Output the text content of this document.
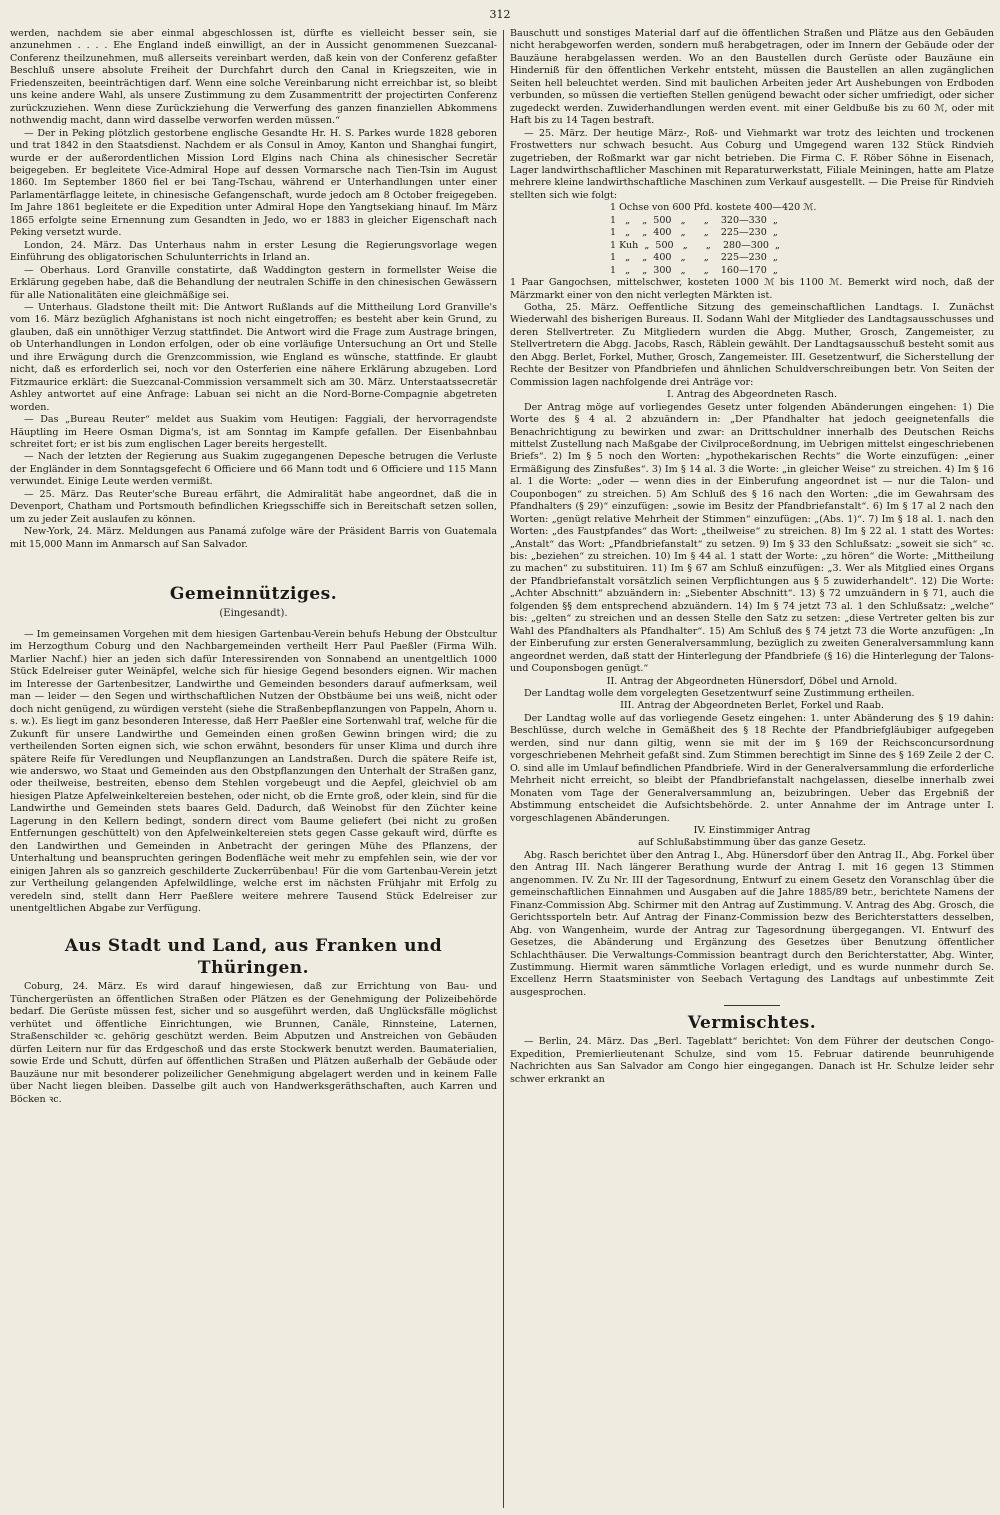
312

werden, nachdem sie aber einmal abgeschlossen ist, dürfte es vielleicht besser sein, sie anzunehmen . . . . Ehe England indeß einwilligt, an der in Aussicht genommenen Suezcanal-Conferenz theilzunehmen, muß allerseits vereinbart werden, daß kein von der Conferenz gefaßter Beschluß unsere absolute Freiheit der Durchfahrt durch den Canal in Kriegszeiten, wie in Friedenszeiten, beeinträchtigen darf. Wenn eine solche Vereinbarung nicht erreichbar ist, so bleibt uns keine andere Wahl, als unsere Zustimmung zu dem Zusammentritt der projectirten Conferenz zurückzuziehen. Wenn diese Zurückziehung die Verwerfung des ganzen finanziellen Abkommens nothwendig macht, dann wird dasselbe verworfen werden müssen.“

— Der in Peking plötzlich gestorbene englische Gesandte Hr. H. S. Parkes wurde 1828 geboren und trat 1842 in den Staatsdienst. Nachdem er als Consul in Amoy, Kanton und Shanghai fungirt, wurde er der außerordentlichen Mission Lord Elgins nach China als chinesischer Secretär beigegeben. Er begleitete Vice-Admiral Hope auf dessen Vormarsche nach Tien-Tsin im August 1860. Im September 1860 fiel er bei Tang-Tschau, während er Unterhandlungen unter einer Parlamentärflagge leitete, in chinesische Gefangenschaft, wurde jedoch am 8 October freigegeben. Im Jahre 1861 begleitete er die Expedition unter Admiral Hope den Yangtsekiang hinauf. Im März 1865 erfolgte seine Ernennung zum Gesandten in Jedo, wo er 1883 in gleicher Eigenschaft nach Peking versetzt wurde.

London, 24. März. Das Unterhaus nahm in erster Lesung die Regierungsvorlage wegen Einführung des obligatorischen Schulunterrichts in Irland an.

— Oberhaus. Lord Granville constatirte, daß Waddington gestern in formellster Weise die Erklärung gegeben habe, daß die Behandlung der neutralen Schiffe in den chinesischen Gewässern für alle Nationalitäten eine gleichmäßige sei.

— Unterhaus. Gladstone theilt mit: Die Antwort Rußlands auf die Mittheilung Lord Granville's vom 16. März bezüglich Afghanistans ist noch nicht eingetroffen; es besteht aber kein Grund, zu glauben, daß ein unnöthiger Verzug stattfindet. Die Antwort wird die Frage zum Austrage bringen, ob Unterhandlungen in London erfolgen, oder ob eine vorläufige Untersuchung an Ort und Stelle und ihre Erwägung durch die Grenzcommission, wie England es wünsche, stattfinde. Er glaubt nicht, daß es erforderlich sei, noch vor den Osterferien eine nähere Erklärung abzugeben. Lord Fitzmaurice erklärt: die Suezcanal-Commission versammelt sich am 30. März. Unterstaatssecretär Ashley antwortet auf eine Anfrage: Labuan sei nicht an die Nord-Borne-Compagnie abgetreten worden.

— Das „Bureau Reuter“ meldet aus Suakim vom Heutigen: Faggiali, der hervorragendste Häuptling im Heere Osman Digma's, ist am Sonntag im Kampfe gefallen. Der Eisenbahnbau schreitet fort; er ist bis zum englischen Lager bereits hergestellt.

— Nach der letzten der Regierung aus Suakim zugegangenen Depesche betrugen die Verluste der Engländer in dem Sonntagsgefecht 6 Officiere und 66 Mann todt und 6 Officiere und 115 Mann verwundet. Einige Leute werden vermißt.

— 25. März. Das Reuter'sche Bureau erfährt, die Admiralität habe angeordnet, daß die in Devenport, Chatham und Portsmouth befindlichen Kriegsschiffe sich in Bereitschaft setzen sollen, um zu jeder Zeit auslaufen zu können.

New-York, 24. März. Meldungen aus Panamá zufolge wäre der Präsident Barris von Guatemala mit 15,000 Mann im Anmarsch auf San Salvador.

Gemeinnütziges.
(Eingesandt).

— Im gemeinsamen Vorgehen mit dem hiesigen Gartenbau-Verein behufs Hebung der Obstcultur im Herzogthum Coburg und den Nachbargemeinden vertheilt Herr Paul Paeßler (Firma Wilh. Marlier Nachf.) hier an jeden sich dafür Interessirenden von Sonnabend an unentgeltlich 1000 Stück Edelreiser guter Weinäpfel, welche sich für hiesige Gegend besonders eignen. Wir machen im Interesse der Gartenbesitzer, Landwirthe und Gemeinden besonders darauf aufmerksam, weil man — leider — den Segen und wirthschaftlichen Nutzen der Obstbäume bei uns weiß, nicht oder doch nicht genügend, zu würdigen versteht (siehe die Straßenbepflanzungen von Pappeln, Ahorn u. s. w.). Es liegt im ganz besonderen Interesse, daß Herr Paeßler eine Sortenwahl traf, welche für die Zukunft für unsere Landwirthe und Gemeinden einen großen Gewinn bringen wird; die zu vertheilenden Sorten eignen sich, wie schon erwähnt, besonders für unser Klima und durch ihre spätere Reife für Veredlungen und Neupflanzungen an Landstraßen. Durch die spätere Reife ist, wie anderswo, wo Staat und Gemeinden aus den Obstpflanzungen den Unterhalt der Straßen ganz, oder theilweise, bestreiten, ebenso dem Stehlen vorgebeugt und die Aepfel, gleichviel ob am hiesigen Platze Apfelweinkeltereien bestehen, oder nicht, ob die Ernte groß, oder klein, sind für die Landwirthe und Gemeinden stets baares Geld. Dadurch, daß Weinobst für den Züchter keine Lagerung in den Kellern bedingt, sondern direct vom Baume geliefert (bei nicht zu großen Entfernungen geschüttelt) von den Apfelweinkeltereien stets gegen Casse gekauft wird, dürfte es den Landwirthen und Gemeinden in Anbetracht der geringen Mühe des Pflanzens, der Unterhaltung und beanspruchten geringen Bodenfläche weit mehr zu empfehlen sein, wie der vor einigen Jahren als so ganzreich geschilderte Zuckerrübenbau! Für die vom Gartenbau-Verein jetzt zur Vertheilung gelangenden Apfelwildlinge, welche erst im nächsten Frühjahr mit Erfolg zu veredeln sind, stellt dann Herr Paeßlere weitere mehrere Tausend Stück Edelreiser zur unentgeltlichen Abgabe zur Verfügung.

Aus Stadt und Land, aus Franken und Thüringen.

Coburg, 24. März. Es wird darauf hingewiesen, daß zur Errichtung von Bau- und Tünchergerüsten an öffentlichen Straßen oder Plätzen es der Genehmigung der Polizeibehörde bedarf. Die Gerüste müssen fest, sicher und so ausgeführt werden, daß Unglücksfälle möglichst verhütet und öffentliche Einrichtungen, wie Brunnen, Canäle, Rinnsteine, Laternen, Straßenschilder ꝛc. gehörig geschützt werden. Beim Abputzen und Anstreichen von Gebäuden dürfen Leitern nur für das Erdgeschoß und das erste Stockwerk benutzt werden. Baumaterialien, sowie Erde und Schutt, dürfen auf öffentlichen Straßen und Plätzen außerhalb der Gebäude oder Bauzäune nur mit besonderer polizeilicher Genehmigung abgelagert werden und in keinem Falle über Nacht liegen bleiben. Dasselbe gilt auch von Handwerksgeräthschaften, auch Karren und Böcken ꝛc.

Bauschutt und sonstiges Material darf auf die öffentlichen Straßen und Plätze aus den Gebäuden nicht herabgeworfen werden, sondern muß herabgetragen, oder im Innern der Gebäude oder der Bauzäune herabgelassen werden. Wo an den Baustellen durch Gerüste oder Bauzäune ein Hinderniß für den öffentlichen Verkehr entsteht, müssen die Baustellen an allen zugänglichen Seiten hell beleuchtet werden. Sind mit baulichen Arbeiten jeder Art Aushebungen von Erdboden verbunden, so müssen die vertieften Stellen genügend bewacht oder sicher umfriedigt, oder sicher zugedeckt werden. Zuwiderhandlungen werden event. mit einer Geldbuße bis zu 60 ℳ, oder mit Haft bis zu 14 Tagen bestraft.

— 25. März. Der heutige März-, Roß- und Viehmarkt war trotz des leichten und trockenen Frostwetters nur schwach besucht. Aus Coburg und Umgegend waren 132 Stück Rindvieh zugetrieben, der Roßmarkt war gar nicht betrieben. Die Firma C. F. Röber Söhne in Eisenach, Lager landwirthschaftlicher Maschinen mit Reparaturwerkstatt, Filiale Meiningen, hatte am Platze mehrere kleine landwirthschaftliche Maschinen zum Verkauf ausgestellt. — Die Preise für Rindvieh stellten sich wie folgt:

1 Ochse von 600 Pfd. kostete 400—420 ℳ.
1   „    „  500   „      „    320—330  „
1   „    „  400   „      „    225—230  „
1 Kuh  „  500   „      „    280—300  „
1   „    „  400   „      „    225—230  „
1   „    „  300   „      „    160—170  „

1 Paar Gangochsen, mittelschwer, kosteten 1000 ℳ bis 1100 ℳ. Bemerkt wird noch, daß der Märzmarkt einer von den nicht verlegten Märkten ist.

Gotha, 25. März. Oeffentliche Sitzung des gemeinschaftlichen Landtags. I. Zunächst Wiederwahl des bisherigen Bureaus. II. Sodann Wahl der Mitglieder des Landtagsausschusses und deren Stellvertreter. Zu Mitgliedern wurden die Abgg. Muther, Grosch, Zangemeister, zu Stellvertretern die Abgg. Jacobs, Rasch, Räblein gewählt. Der Landtagsausschuß besteht somit aus den Abgg. Berlet, Forkel, Muther, Grosch, Zangemeister. III. Gesetzentwurf, die Sicherstellung der Rechte der Besitzer von Pfandbriefen und ähnlichen Schuldverschreibungen betr. Von Seiten der Commission lagen nachfolgende drei Anträge vor:

I. Antrag des Abgeordneten Rasch.

Der Antrag möge auf vorliegendes Gesetz unter folgenden Abänderungen eingehen: 1) Die Worte des § 4 al. 2 abzuändern in: „Der Pfandhalter hat jedoch geeignetenfalls die Benachrichtigung zu bewirken und zwar: an Drittschuldner innerhalb des Deutschen Reichs mittelst Zustellung nach Maßgabe der Civilproceßordnung, im Uebrigen mittelst eingeschriebenen Briefs“. 2) Im § 5 noch den Worten: „hypothekarischen Rechts“ die Worte einzufügen: „einer Ermäßigung des Zinsfußes“. 3) Im § 14 al. 3 die Worte: „in gleicher Weise“ zu streichen. 4) Im § 16 al. 1 die Worte: „oder — wenn dies in der Einberufung angeordnet ist — nur die Talon- und Couponbogen“ zu streichen. 5) Am Schluß des § 16 nach den Worten: „die im Gewahrsam des Pfandhalters (§ 29)“ einzufügen: „sowie im Besitz der Pfandbriefanstalt“. 6) Im § 17 al 2 nach den Worten: „genügt relative Mehrheit der Stimmen“ einzufügen: „(Abs. 1)“. 7) Im § 18 al. 1. nach den Worten: „des Faustpfandes“ das Wort: „theilweise“ zu streichen. 8) Im § 22 al. 1 statt des Wortes: „Anstalt“ das Wort: „Pfandbriefanstalt“ zu setzen. 9) Im § 33 den Schlußsatz: „soweit sie sich“ ꝛc. bis: „beziehen“ zu streichen. 10) Im § 44 al. 1 statt der Worte: „zu hören“ die Worte: „Mittheilung zu machen“ zu substituiren. 11) Im § 67 am Schluß einzufügen: „3. Wer als Mitglied eines Organs der Pfandbriefanstalt vorsätzlich seinen Verpflichtungen aus § 5 zuwiderhandelt“. 12) Die Worte: „Achter Abschnitt“ abzuändern in: „Siebenter Abschnitt“. 13) § 72 umzuändern in § 71, auch die folgenden §§ dem entsprechend abzuändern. 14) Im § 74 jetzt 73 al. 1 den Schlußsatz: „welche“ bis: „gelten“ zu streichen und an dessen Stelle den Satz zu setzen: „diese Vertreter gelten bis zur Wahl des Pfandhalters als Pfandhalter“. 15) Am Schluß des § 74 jetzt 73 die Worte anzufügen: „In der Einberufung zur ersten Generalversammlung, bezüglich zu zweiten Generalversammlung kann angeordnet werden, daß statt der Hinterlegung der Pfandbriefe (§ 16) die Hinterlegung der Talons- und Couponsbogen genügt.“

II. Antrag der Abgeordneten Hünersdorf, Döbel und Arnold.

Der Landtag wolle dem vorgelegten Gesetzentwurf seine Zustimmung ertheilen.

III. Antrag der Abgeordneten Berlet, Forkel und Raab.

Der Landtag wolle auf das vorliegende Gesetz eingehen: 1. unter Abänderung des § 19 dahin: Beschlüsse, durch welche in Gemäßheit des § 18 Rechte der Pfandbriefgläubiger aufgegeben werden, sind nur dann giltig, wenn sie mit der im § 169 der Reichsconcursordnung vorgeschriebenen Mehrheit gefaßt sind. Zum Stimmen berechtigt im Sinne des § 169 Zeile 2 der C. O. sind alle im Umlauf befindlichen Pfandbriefe. Wird in der Generalversammlung die erforderliche Mehrheit nicht erreicht, so bleibt der Pfandbriefanstalt nachgelassen, dieselbe innerhalb zwei Monaten vom Tage der Generalversammlung an, beizubringen. Ueber das Ergebniß der Abstimmung entscheidet die Aufsichtsbehörde. 2. unter Annahme der im Antrage unter I. vorgeschlagenen Abänderungen.

IV. Einstimmiger Antrag
auf Schlußabstimmung über das ganze Gesetz.

Abg. Rasch berichtet über den Antrag I., Abg. Hünersdorf über den Antrag II., Abg. Forkel über den Antrag III. Nach längerer Berathung wurde der Antrag I. mit 16 gegen 13 Stimmen angenommen. IV. Zu Nr. III der Tagesordnung, Entwurf zu einem Gesetz den Voranschlag über die gemeinschaftlichen Einnahmen und Ausgaben auf die Jahre 1885/89 betr., berichtete Namens der Finanz-Commission Abg. Schirmer mit den Antrag auf Zustimmung. V. Antrag des Abg. Grosch, die Gerichtssporteln betr. Auf Antrag der Finanz-Commission bezw des Berichterstatters desselben, Abg. von Wangenheim, wurde der Antrag zur Tagesordnung übergegangen. VI. Entwurf des Gesetzes, die Abänderung und Ergänzung des Gesetzes über Benutzung öffentlicher Schlachthäuser. Die Verwaltungs-Commission beantragt durch den Berichterstatter, Abg. Winter, Zustimmung. Hiermit waren sämmtliche Vorlagen erledigt, und es wurde nunmehr durch Se. Excellenz Herrn Staatsminister von Seebach Vertagung des Landtags auf unbestimmte Zeit ausgesprochen.

Vermischtes.

— Berlin, 24. März. Das „Berl. Tageblatt“ berichtet: Von dem Führer der deutschen Congo-Expedition, Premierlieutenant Schulze, sind vom 15. Februar datirende beunruhigende Nachrichten aus San Salvador am Congo hier eingegangen. Danach ist Hr. Schulze leider sehr schwer erkrankt an
